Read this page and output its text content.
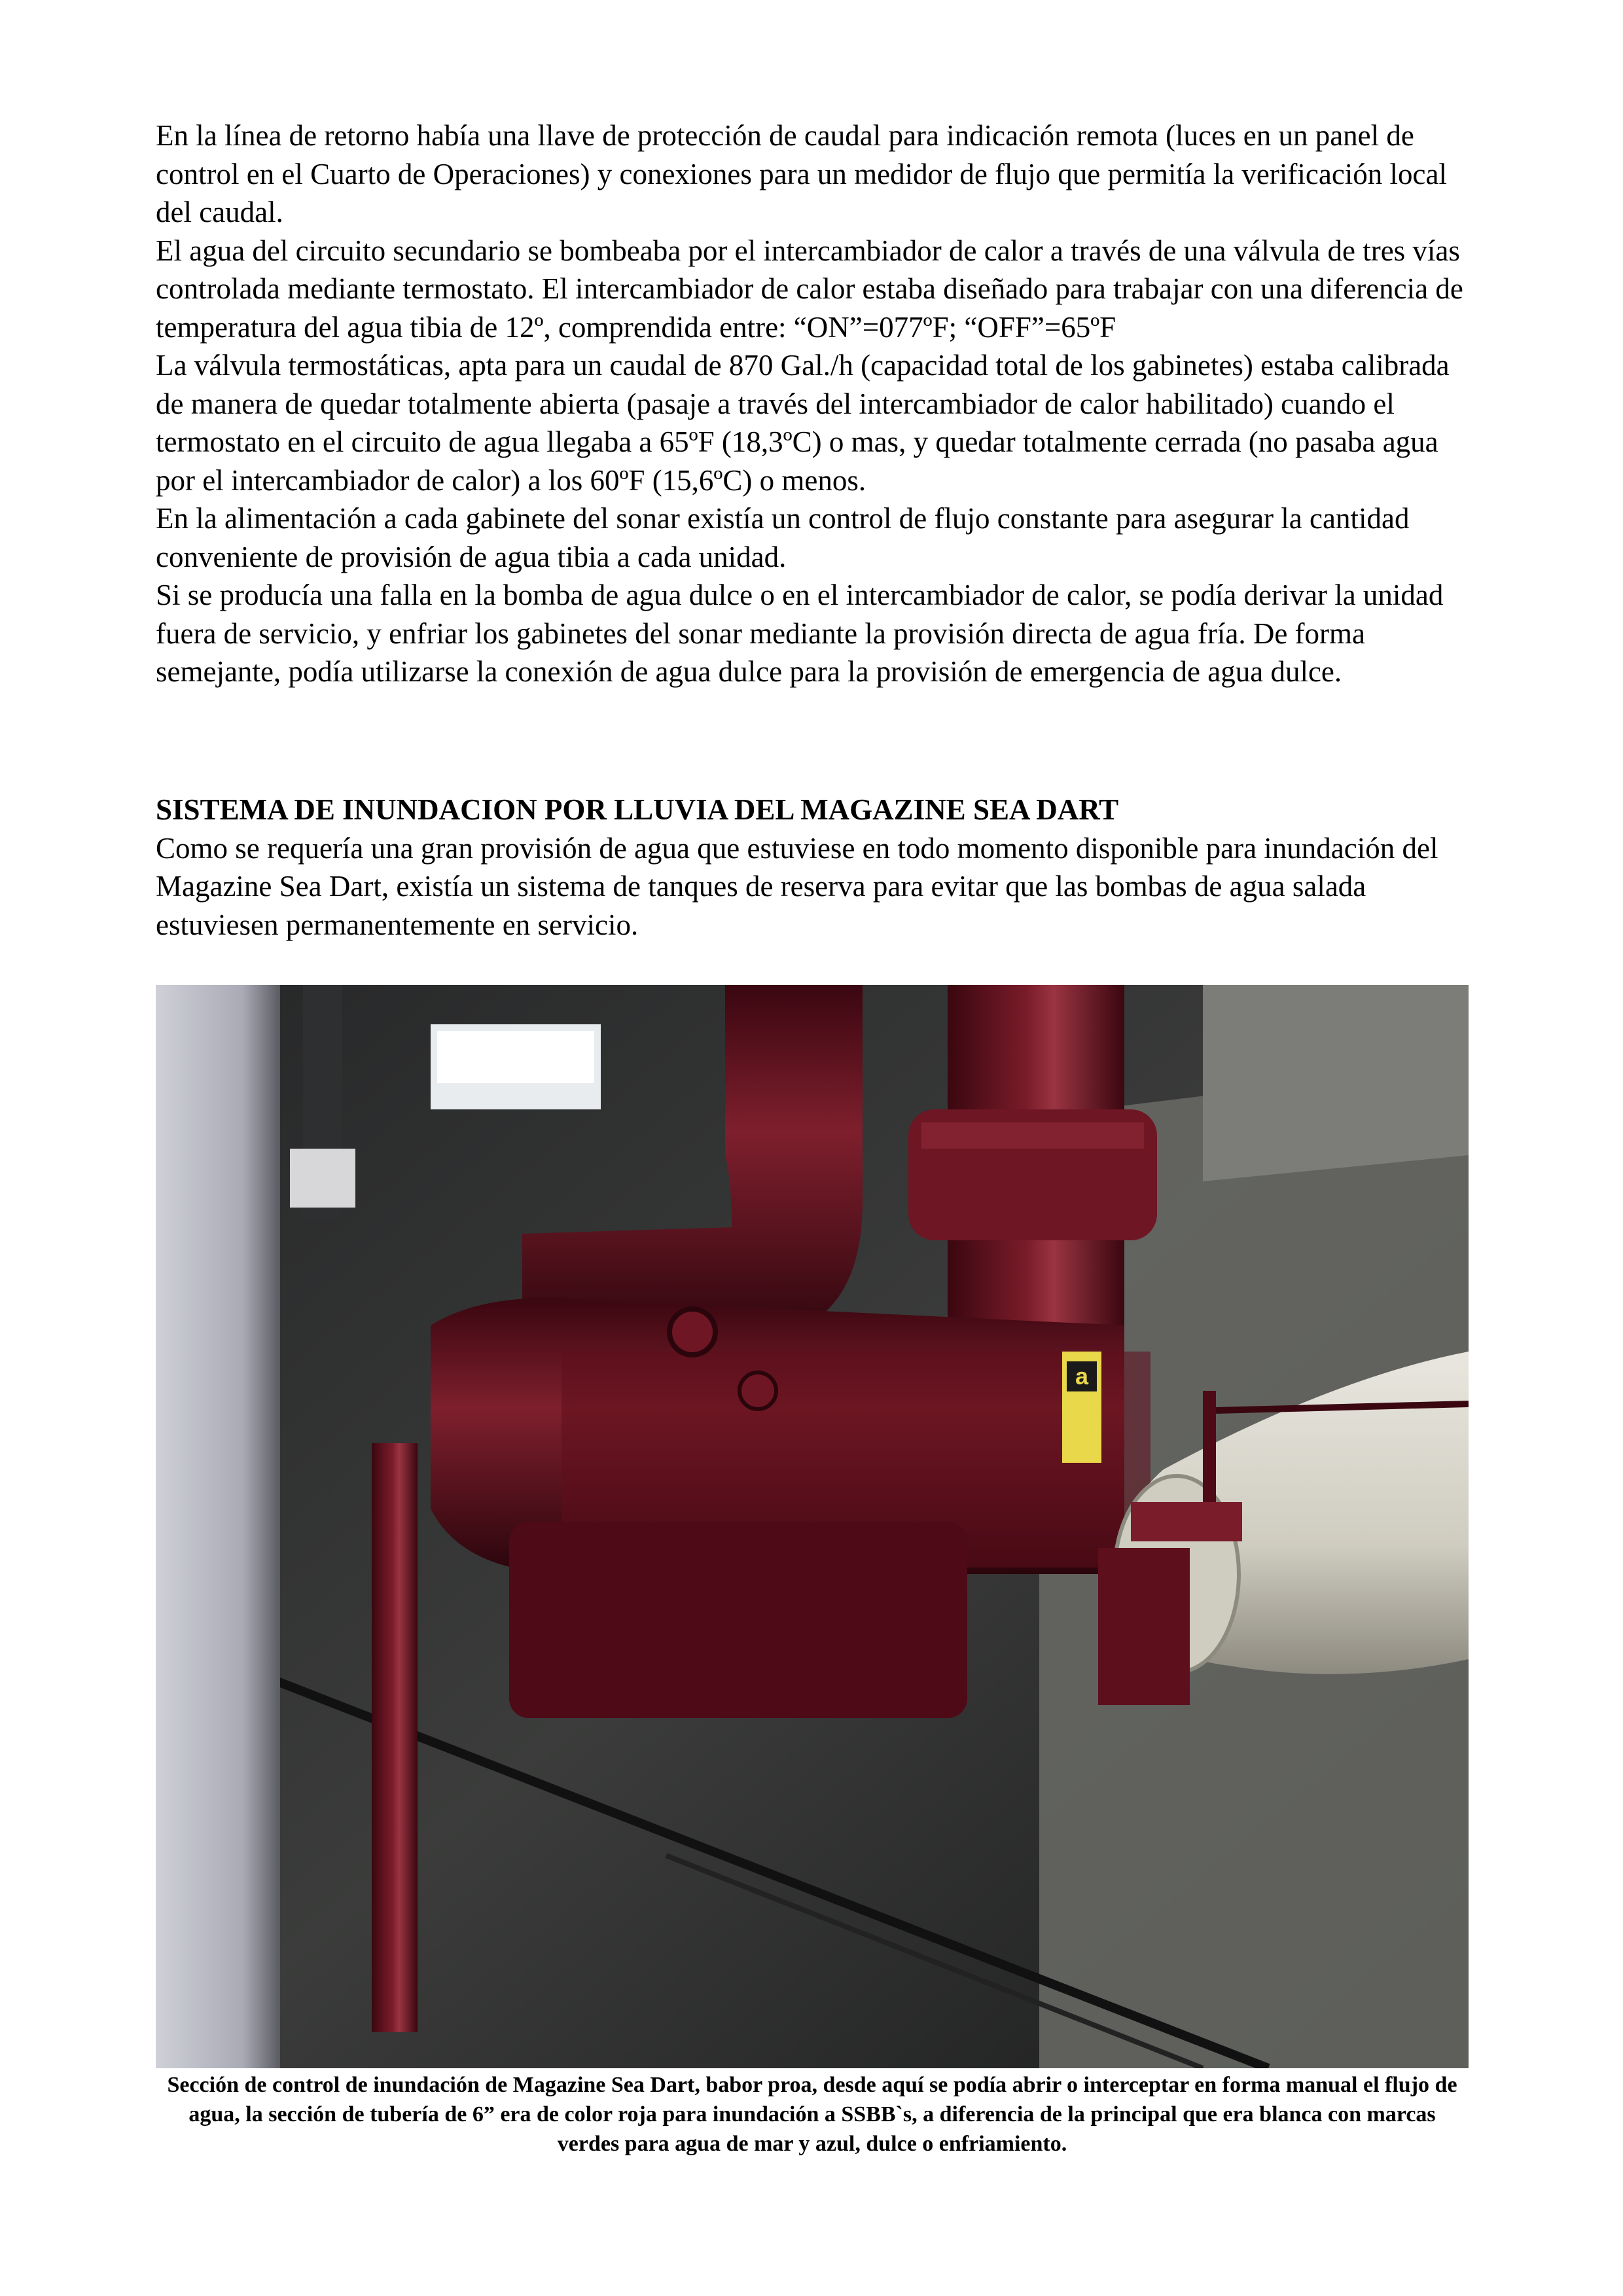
En la línea de retorno había una llave de protección de caudal para indicación remota (luces en un panel de control en el Cuarto de Operaciones) y conexiones para un medidor de flujo que permitía la verificación local del caudal.

El agua del circuito secundario se bombeaba por el intercambiador de calor a través de una válvula de tres vías controlada mediante termostato. El intercambiador de calor estaba diseñado para trabajar con una diferencia de temperatura del agua tibia de 12º, comprendida entre: “ON”=077ºF; “OFF”=65ºF

La válvula termostáticas, apta para un caudal de 870 Gal./h (capacidad total de los gabinetes) estaba calibrada de manera de quedar totalmente abierta (pasaje a través del intercambiador de calor habilitado) cuando el termostato en el circuito de agua llegaba a 65ºF (18,3ºC) o mas, y quedar totalmente cerrada (no pasaba agua por el intercambiador de calor) a los 60ºF (15,6ºC) o menos.

En la alimentación a cada gabinete del sonar existía un control de flujo constante para asegurar la cantidad conveniente de provisión de agua tibia a cada unidad.

Si se producía una falla en la bomba de agua dulce o en el intercambiador de calor, se podía derivar la unidad fuera de servicio, y enfriar los gabinetes del sonar mediante la provisión directa de agua fría. De forma semejante, podía utilizarse la conexión de agua dulce para la provisión de emergencia de agua dulce.

SISTEMA DE INUNDACION POR LLUVIA DEL MAGAZINE SEA DART

Como se requería una gran provisión de agua que estuviese en todo momento disponible para inundación del Magazine Sea Dart, existía un sistema de tanques de reserva para evitar que las bombas de agua salada estuviesen permanentemente en servicio.

a
Sección de control de inundación de Magazine Sea Dart, babor proa, desde aquí se podía abrir o interceptar en forma manual el flujo de agua, la sección de tubería de 6” era de color roja para inundación a SSBB`s, a diferencia de la principal que era blanca con marcas verdes para agua de mar y azul, dulce o enfriamiento.
